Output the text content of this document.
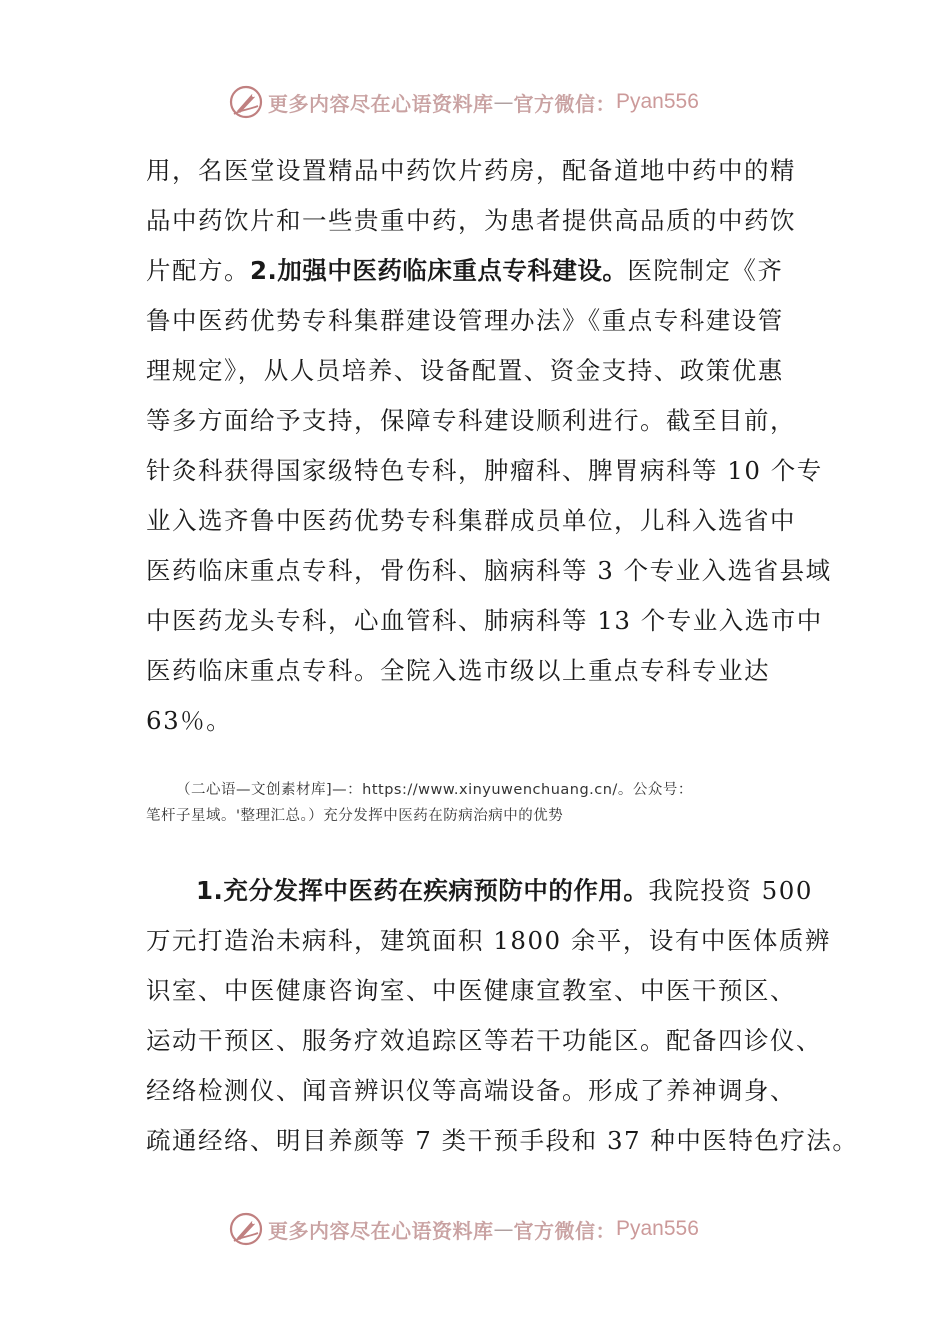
更多内容尽在心语资料库 — 官方微信： Pyan556
用，名医堂设置精品中药饮片药房，配备道地中药中的精
品中药饮片和一些贵重中药，为患者提供高品质的中药饮
片配方。2.加强中医药临床重点专科建设。医院制定《齐
鲁中医药优势专科集群建设管理办法》《重点专科建设管
理规定》，从人员培养、设备配置、资金支持、政策优惠
等多方面给予支持，保障专科建设顺利进行。截至目前，
针灸科获得国家级特色专科，肿瘤科、脾胃病科等 10 个专
业入选齐鲁中医药优势专科集群成员单位，儿科入选省中
医药临床重点专科，骨伤科、脑病科等 3 个专业入选省县域
中医药龙头专科，心血管科、肺病科等 13 个专业入选市中
医药临床重点专科。全院入选市级以上重点专科专业达
63％。
（二心语—文创素材库]—：https://www.xinyuwenchuang.cn/。公众号：
笔杆子星域。'整理汇总。）充分发挥中医药在防病治病中的优势
1.充分发挥中医药在疾病预防中的作用。我院投资 500
万元打造治未病科，建筑面积 1800 余平，设有中医体质辨
识室、中医健康咨询室、中医健康宣教室、中医干预区、
运动干预区、服务疗效追踪区等若干功能区。配备四诊仪、
经络检测仪、闻音辨识仪等高端设备。形成了养神调身、
疏通经络、明目养颜等 7 类干预手段和 37 种中医特色疗法。
更多内容尽在心语资料库 — 官方微信： Pyan556
